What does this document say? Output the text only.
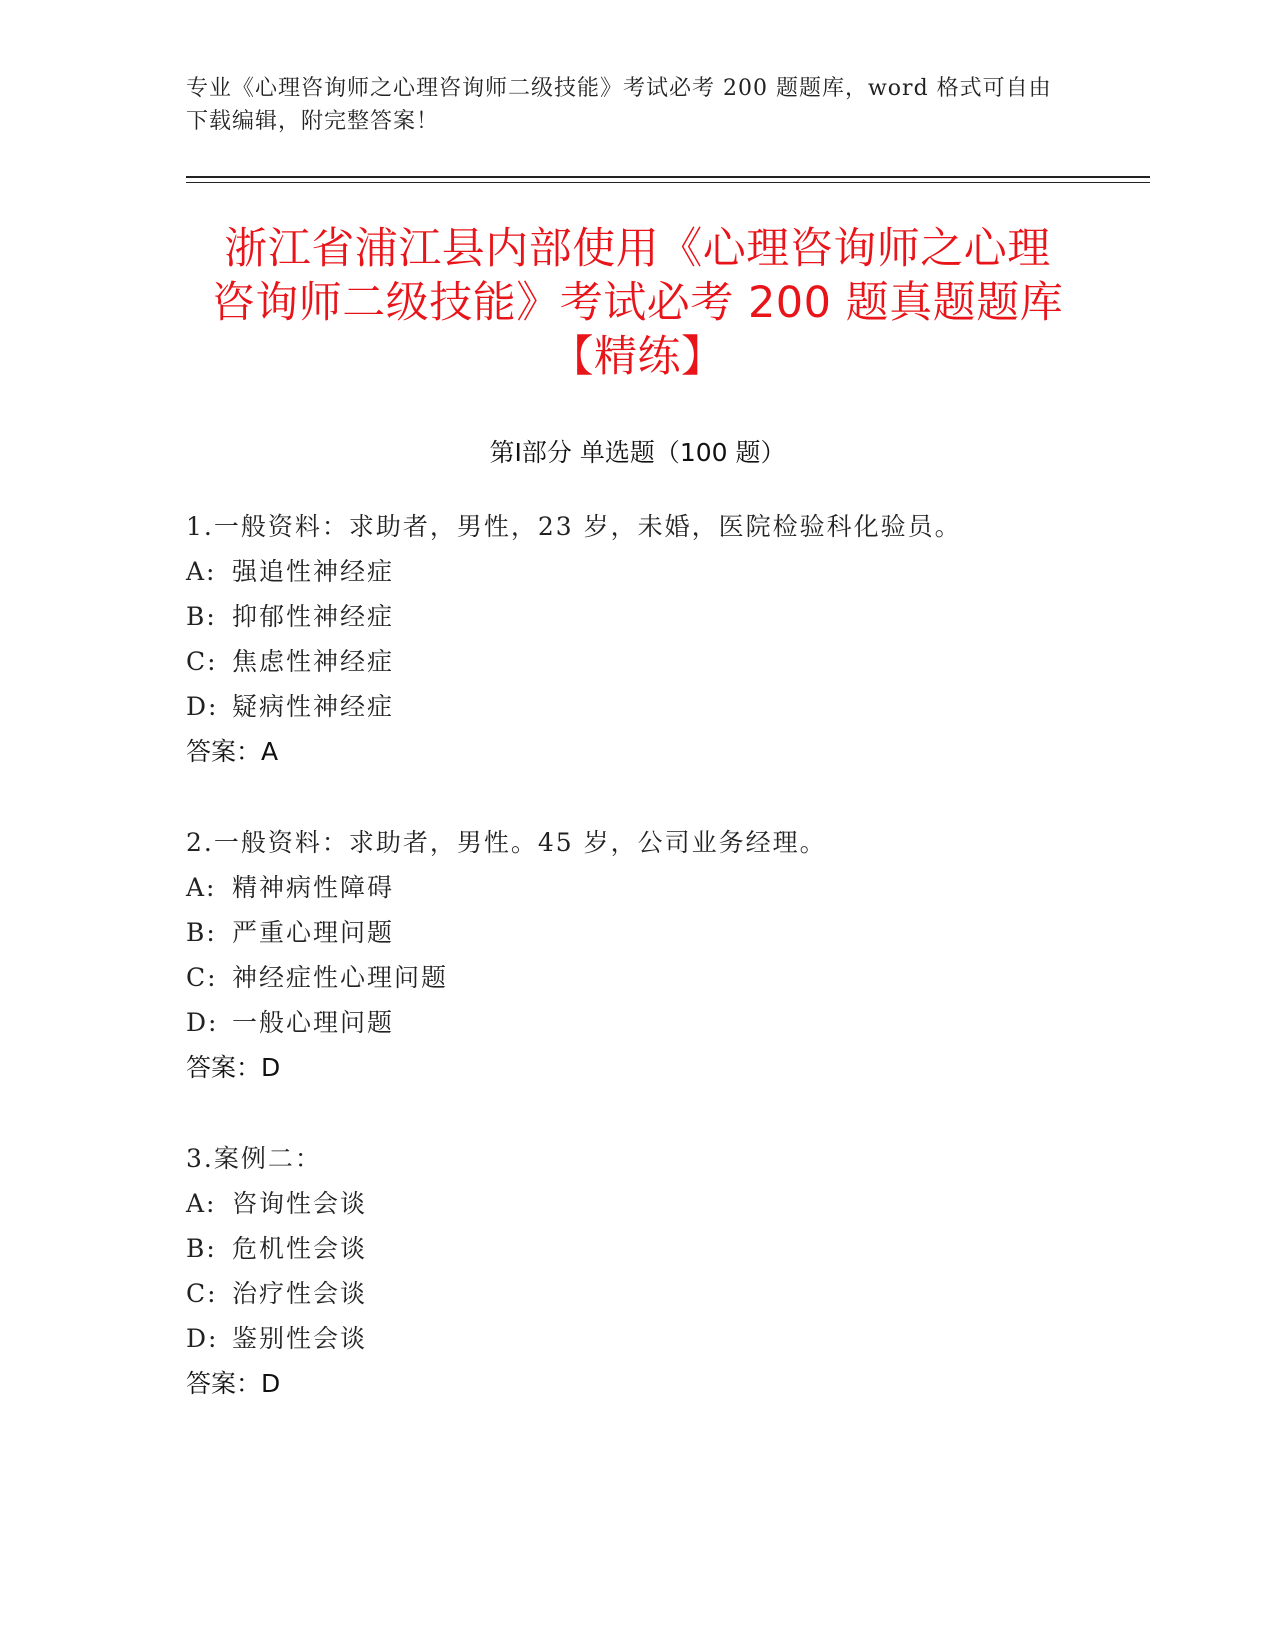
专业《心理咨询师之心理咨询师二级技能》考试必考 200 题题库，word 格式可自由下载编辑，附完整答案！
浙江省浦江县内部使用《心理咨询师之心理
咨询师二级技能》考试必考 200 题真题题库
【精练】
第Ⅰ部分 单选题（100 题）
1.一般资料：求助者，男性，23 岁，未婚，医院检验科化验员。
A: 强追性神经症
B: 抑郁性神经症
C: 焦虑性神经症
D: 疑病性神经症
答案：A
2.一般资料：求助者，男性。45 岁，公司业务经理。
A: 精神病性障碍
B: 严重心理问题
C: 神经症性心理问题
D: 一般心理问题
答案：D
3.案例二：
A: 咨询性会谈
B: 危机性会谈
C: 治疗性会谈
D: 鉴别性会谈
答案：D
